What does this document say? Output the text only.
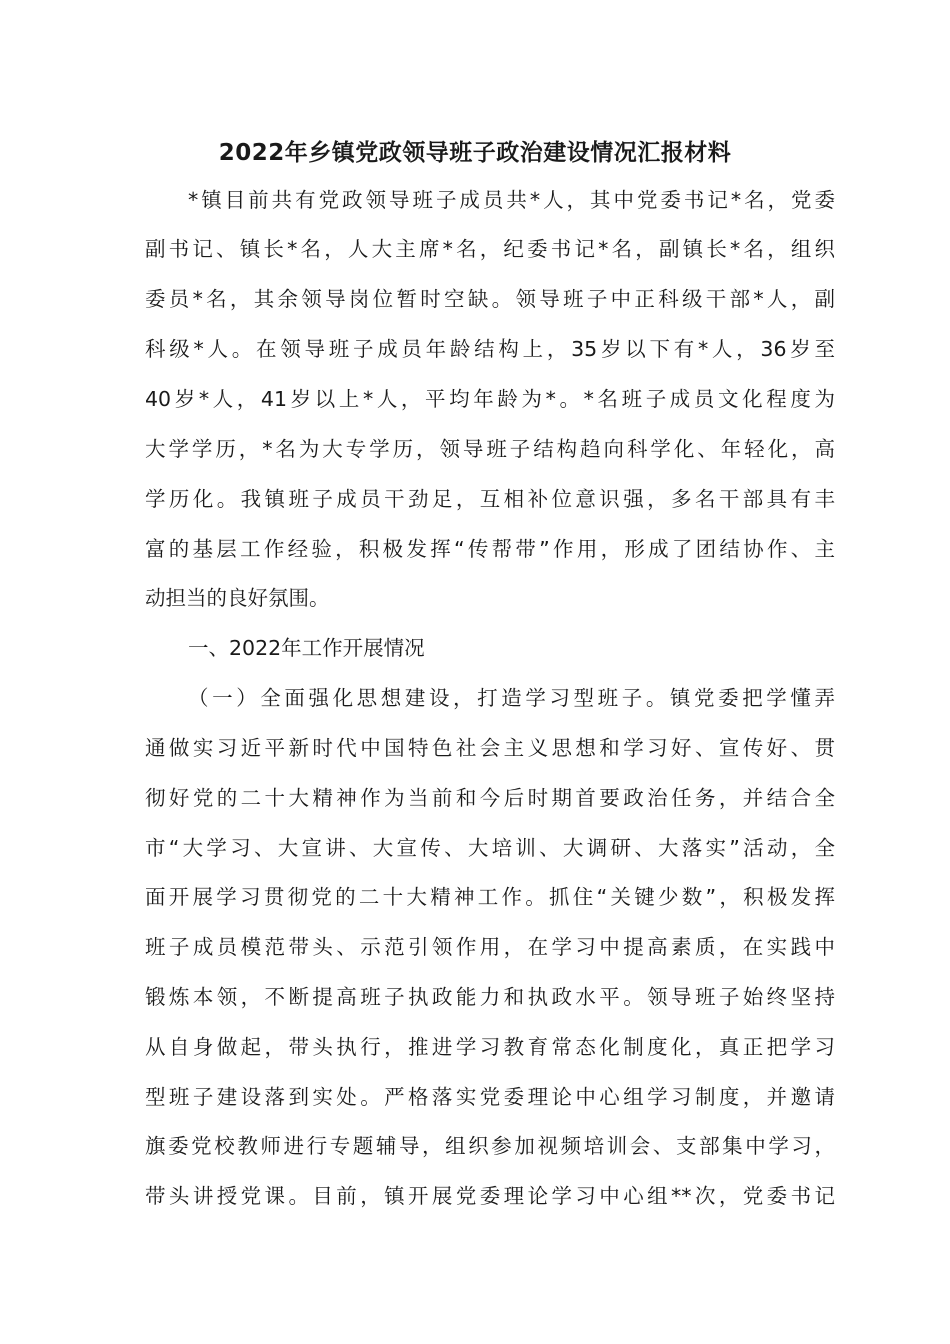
2022年乡镇党政领导班子政治建设情况汇报材料
*镇目前共有党政领导班子成员共*人，其中党委书记*名，党委
副书记、镇长*名，人大主席*名，纪委书记*名，副镇长*名，组织
委员*名，其余领导岗位暂时空缺。领导班子中正科级干部*人，副
科级*人。在领导班子成员年龄结构上，35岁以下有*人，36岁至
40岁*人，41岁以上*人，平均年龄为*。*名班子成员文化程度为
大学学历，*名为大专学历，领导班子结构趋向科学化、年轻化，高
学历化。我镇班子成员干劲足，互相补位意识强，多名干部具有丰
富的基层工作经验，积极发挥“传帮带”作用，形成了团结协作、主
动担当的良好氛围。
一、2022年工作开展情况
（一）全面强化思想建设，打造学习型班子。镇党委把学懂弄
通做实习近平新时代中国特色社会主义思想和学习好、宣传好、贯
彻好党的二十大精神作为当前和今后时期首要政治任务，并结合全
市“大学习、大宣讲、大宣传、大培训、大调研、大落实”活动，全
面开展学习贯彻党的二十大精神工作。抓住“关键少数”，积极发挥
班子成员模范带头、示范引领作用，在学习中提高素质，在实践中
锻炼本领，不断提高班子执政能力和执政水平。领导班子始终坚持
从自身做起，带头执行，推进学习教育常态化制度化，真正把学习
型班子建设落到实处。严格落实党委理论中心组学习制度，并邀请
旗委党校教师进行专题辅导，组织参加视频培训会、支部集中学习，
带头讲授党课。目前，镇开展党委理论学习中心组**次，党委书记
